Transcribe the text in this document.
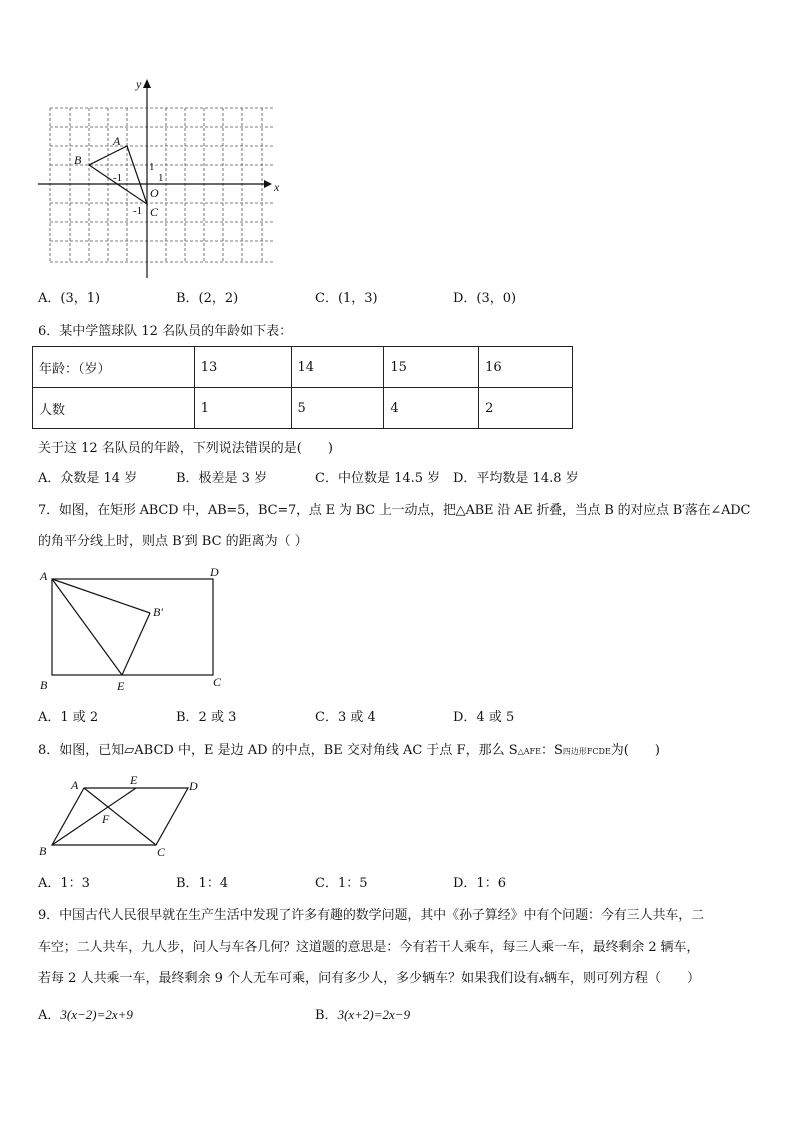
x
y
A
B
O
C
1
-1
1
-1
A．(3，1)	B．(2，2)	C．(1，3)	D．(3，0)
6．某中学篮球队 12 名队员的年龄如下表：
年龄：（岁）	13	14	15	16
人数	1	5	4	2
关于这 12 名队员的年龄，下列说法错误的是(　　)
A．众数是 14 岁	B．极差是 3 岁	C．中位数是 14.5 岁 D．平均数是 14.8 岁
7．如图，在矩形 ABCD 中，AB=5，BC=7，点 E 为 BC 上一动点，把△ABE 沿 AE 折叠，当点 B 的对应点 B′落在∠ADC
的角平分线上时，则点 B′到 BC 的距离为（ ）
A	D
B′
B	E	C
A．1 或 2	B．2 或 3	C．3 或 4	D．4 或 5
8．如图，已知▱ABCD 中，E 是边 AD 的中点，BE 交对角线 AC 于点 F，那么 S△AFE：S四边形FCDE为(　　)
A	E	D
F
B	C
A．1：3	B．1：4	C．1：5	D．1：6
9．中国古代人民很早就在生产生活中发现了许多有趣的数学问题，其中《孙子算经》中有个问题：今有三人共车，二
车空；二人共车，九人步，问人与车各几何？这道题的意思是：今有若干人乘车，每三人乘一车，最终剩余 2 辆车，
若每 2 人共乘一车，最终剩余 9 个人无车可乘，问有多少人，多少辆车？如果我们设有x辆车，则可列方程（　　）
A．3(x−2)=2x+9	B．3(x+2)=2x−9
